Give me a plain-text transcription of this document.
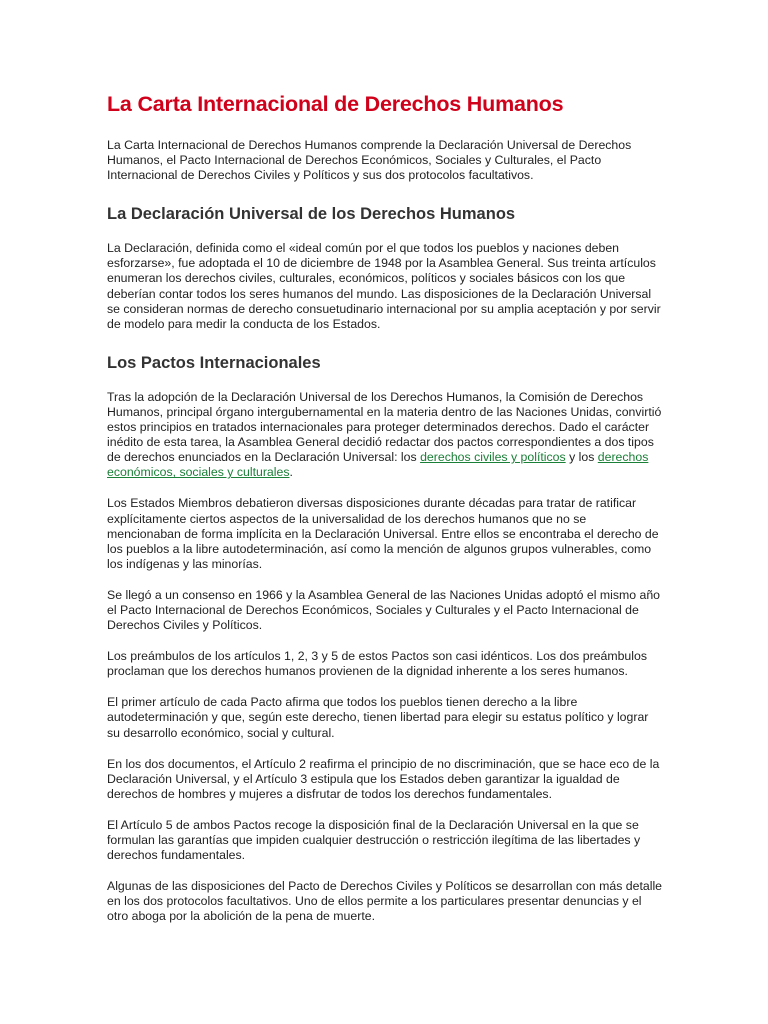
La Carta Internacional de Derechos Humanos

La Carta Internacional de Derechos Humanos comprende la Declaración Universal de Derechos Humanos, el Pacto Internacional de Derechos Económicos, Sociales y Culturales, el Pacto Internacional de Derechos Civiles y Políticos y sus dos protocolos facultativos.

La Declaración Universal de los Derechos Humanos

La Declaración, definida como el «ideal común por el que todos los pueblos y naciones deben esforzarse», fue adoptada el 10 de diciembre de 1948 por la Asamblea General. Sus treinta artículos enumeran los derechos civiles, culturales, económicos, políticos y sociales básicos con los que deberían contar todos los seres humanos del mundo. Las disposiciones de la Declaración Universal se consideran normas de derecho consuetudinario internacional por su amplia aceptación y por servir de modelo para medir la conducta de los Estados.

Los Pactos Internacionales

Tras la adopción de la Declaración Universal de los Derechos Humanos, la Comisión de Derechos Humanos, principal órgano intergubernamental en la materia dentro de las Naciones Unidas, convirtió estos principios en tratados internacionales para proteger determinados derechos. Dado el carácter inédito de esta tarea, la Asamblea General decidió redactar dos pactos correspondientes a dos tipos de derechos enunciados en la Declaración Universal: los derechos civiles y políticos y los derechos económicos, sociales y culturales.

Los Estados Miembros debatieron diversas disposiciones durante décadas para tratar de ratificar explícitamente ciertos aspectos de la universalidad de los derechos humanos que no se mencionaban de forma implícita en la Declaración Universal. Entre ellos se encontraba el derecho de los pueblos a la libre autodeterminación, así como la mención de algunos grupos vulnerables, como los indígenas y las minorías.

Se llegó a un consenso en 1966 y la Asamblea General de las Naciones Unidas adoptó el mismo año el Pacto Internacional de Derechos Económicos, Sociales y Culturales y el Pacto Internacional de Derechos Civiles y Políticos.

Los preámbulos de los artículos 1, 2, 3 y 5 de estos Pactos son casi idénticos. Los dos preámbulos proclaman que los derechos humanos provienen de la dignidad inherente a los seres humanos.

El primer artículo de cada Pacto afirma que todos los pueblos tienen derecho a la libre autodeterminación y que, según este derecho, tienen libertad para elegir su estatus político y lograr su desarrollo económico, social y cultural.

En los dos documentos, el Artículo 2 reafirma el principio de no discriminación, que se hace eco de la Declaración Universal, y el Artículo 3 estipula que los Estados deben garantizar la igualdad de derechos de hombres y mujeres a disfrutar de todos los derechos fundamentales.

El Artículo 5 de ambos Pactos recoge la disposición final de la Declaración Universal en la que se formulan las garantías que impiden cualquier destrucción o restricción ilegítima de las libertades y derechos fundamentales.

Algunas de las disposiciones del Pacto de Derechos Civiles y Políticos se desarrollan con más detalle en los dos protocolos facultativos. Uno de ellos permite a los particulares presentar denuncias y el otro aboga por la abolición de la pena de muerte.
